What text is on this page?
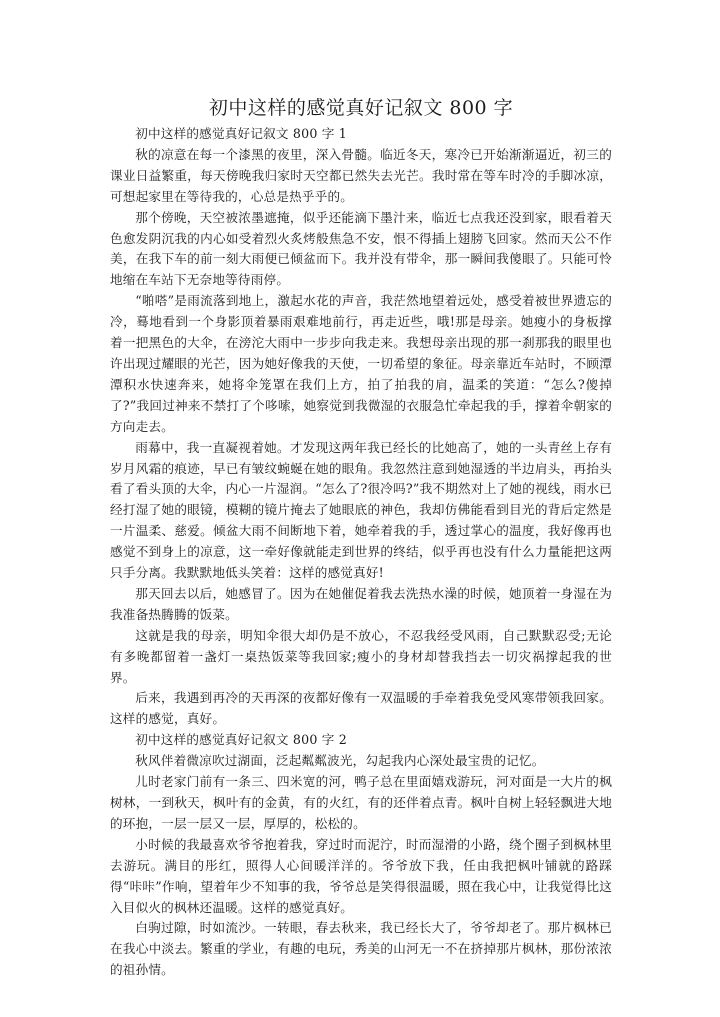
初中这样的感觉真好记叙文 800 字

初中这样的感觉真好记叙文 800 字 1

秋的凉意在每一个漆黑的夜里，深入骨髓。临近冬天，寒冷已开始渐渐逼近，初三的课业日益繁重，每天傍晚我归家时天空都已然失去光芒。我时常在等车时冷的手脚冰凉，可想起家里在等待我的，心总是热乎乎的。

那个傍晚，天空被浓墨遮掩，似乎还能滴下墨汁来，临近七点我还没到家，眼看着天色愈发阴沉我的内心如受着烈火炙烤般焦急不安，恨不得插上翅膀飞回家。然而天公不作美，在我下车的前一刻大雨便已倾盆而下。我并没有带伞，那一瞬间我傻眼了。只能可怜地缩在车站下无奈地等待雨停。

“啪嗒”是雨流落到地上，激起水花的声音，我茫然地望着远处，感受着被世界遗忘的冷，蓦地看到一个身影顶着暴雨艰难地前行，再走近些，哦!那是母亲。她瘦小的身板撑着一把黑色的大伞，在滂沱大雨中一步步向我走来。我想母亲出现的那一刹那我的眼里也许出现过耀眼的光芒，因为她好像我的天使，一切希望的象征。母亲靠近车站时，不顾潭潭积水快速奔来，她将伞笼罩在我们上方，拍了拍我的肩，温柔的笑道：“怎么?傻掉了?”我回过神来不禁打了个哆嗦，她察觉到我微湿的衣服急忙牵起我的手，撑着伞朝家的方向走去。

雨幕中，我一直凝视着她。才发现这两年我已经长的比她高了，她的一头青丝上存有岁月风霜的痕迹，早已有皱纹蜿蜒在她的眼角。我忽然注意到她湿透的半边肩头，再抬头看了看头顶的大伞，内心一片湿润。“怎么了?很冷吗?”我不期然对上了她的视线，雨水已经打湿了她的眼镜，模糊的镜片掩去了她眼底的神色，我却仿佛能看到目光的背后定然是一片温柔、慈爱。倾盆大雨不间断地下着，她牵着我的手，透过掌心的温度，我好像再也感觉不到身上的凉意，这一牵好像就能走到世界的终结，似乎再也没有什么力量能把这两只手分离。我默默地低头笑着：这样的感觉真好!

那天回去以后，她感冒了。因为在她催促着我去洗热水澡的时候，她顶着一身湿在为我准备热腾腾的饭菜。

这就是我的母亲，明知伞很大却仍是不放心，不忍我经受风雨，自己默默忍受;无论有多晚都留着一盏灯一桌热饭菜等我回家;瘦小的身材却替我挡去一切灾祸撑起我的世界。

后来，我遇到再冷的天再深的夜都好像有一双温暖的手牵着我免受风寒带领我回家。这样的感觉，真好。

初中这样的感觉真好记叙文 800 字 2

秋风伴着微凉吹过湖面，泛起粼粼波光，勾起我内心深处最宝贵的记忆。

儿时老家门前有一条三、四米宽的河，鸭子总在里面嬉戏游玩，河对面是一大片的枫树林，一到秋天，枫叶有的金黄，有的火红，有的还伴着点青。枫叶自树上轻轻飘进大地的环抱，一层一层又一层，厚厚的，松松的。

小时候的我最喜欢爷爷抱着我，穿过时而泥泞，时而湿滑的小路，绕个圈子到枫林里去游玩。满目的彤红，照得人心间暖洋洋的。爷爷放下我，任由我把枫叶铺就的路踩得“咔咔”作响，望着年少不知事的我，爷爷总是笑得很温暖，照在我心中，让我觉得比这入目似火的枫林还温暖。这样的感觉真好。

白驹过隙，时如流沙。一转眼，春去秋来，我已经长大了，爷爷却老了。那片枫林已在我心中淡去。繁重的学业，有趣的电玩，秀美的山河无一不在挤掉那片枫林，那份浓浓的祖孙情。
